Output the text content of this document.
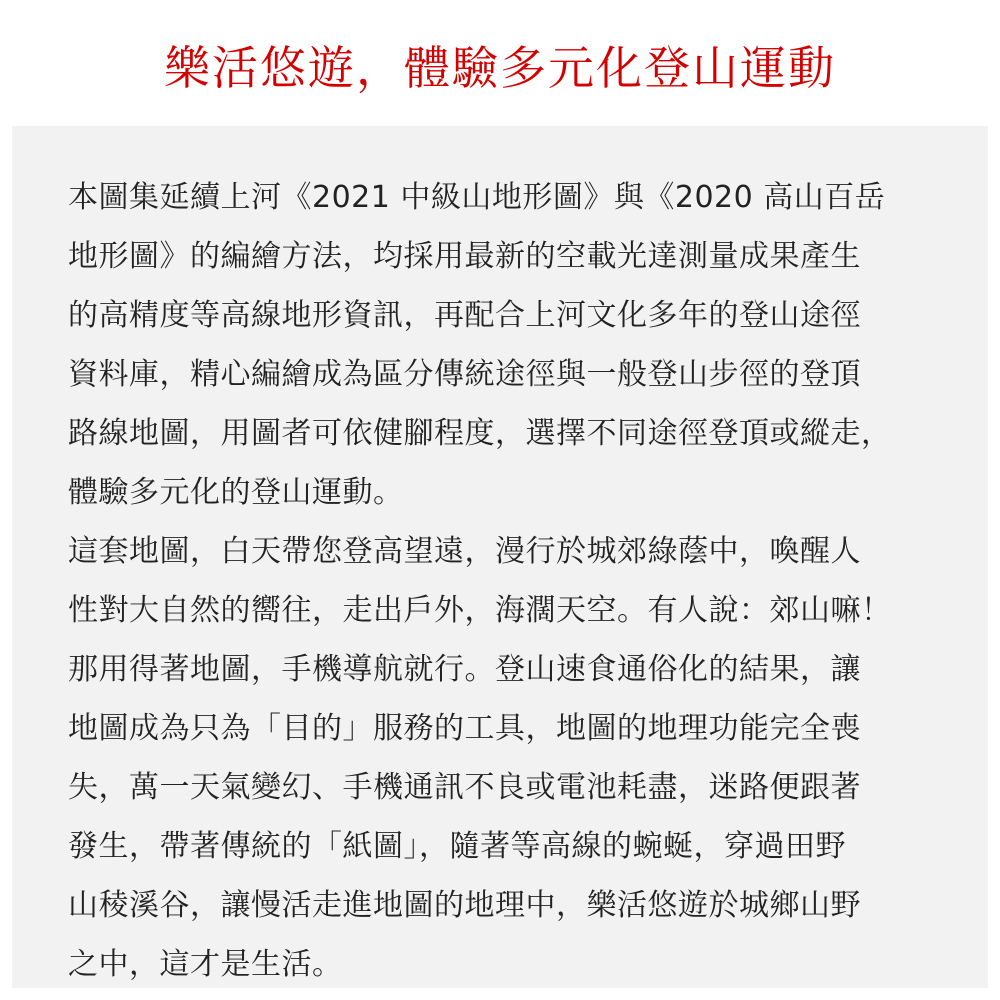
樂活悠遊，體驗多元化登山運動
本圖集延續上河《2021 中級山地形圖》與《2020 高山百岳
地形圖》的編繪方法，均採用最新的空載光達測量成果產生
的高精度等高線地形資訊，再配合上河文化多年的登山途徑
資料庫，精心編繪成為區分傳統途徑與一般登山步徑的登頂
路線地圖，用圖者可依健腳程度，選擇不同途徑登頂或縱走，
體驗多元化的登山運動。
這套地圖，白天帶您登高望遠，漫行於城郊綠蔭中，喚醒人
性對大自然的嚮往，走出戶外，海濶天空。有人說：郊山嘛！
那用得著地圖，手機導航就行。登山速食通俗化的結果，讓
地圖成為只為「目的」服務的工具，地圖的地理功能完全喪
失，萬一天氣變幻、手機通訊不良或電池耗盡，迷路便跟著
發生，帶著傳統的「紙圖」，隨著等高線的蜿蜒，穿過田野
山稜溪谷，讓慢活走進地圖的地理中，樂活悠遊於城鄉山野
之中，這才是生活。
